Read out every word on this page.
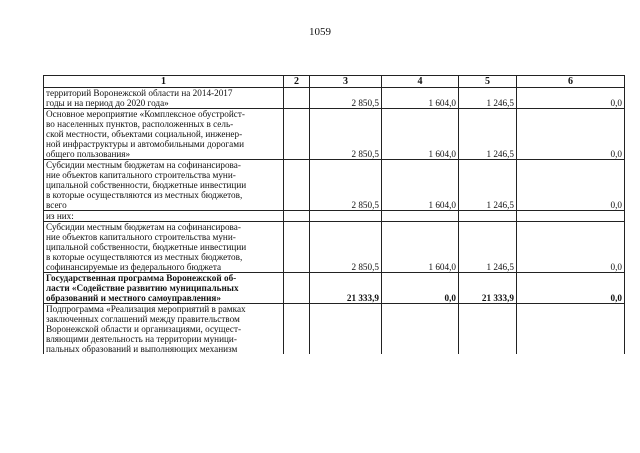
1059
1	2	3	4	5	6
территорий Воронежской области на 2014-2017
годы и на период до 2020 года»		2 850,5	1 604,0	1 246,5	0,0
Основное мероприятие «Комплексное обустройст-
во населенных пунктов, расположенных в сель-
ской местности, объектами социальной, инженер-
ной инфраструктуры и автомобильными дорогами
общего пользования»		2 850,5	1 604,0	1 246,5	0,0
Субсидии местным бюджетам на софинансирова-
ние объектов капитального строительства муни-
ципальной собственности, бюджетные инвестиции
в которые осуществляются из местных бюджетов,
всего		2 850,5	1 604,0	1 246,5	0,0
из них:					
Субсидии местным бюджетам на софинансирова-
ние объектов капитального строительства муни-
ципальной собственности, бюджетные инвестиции
в которые осуществляются из местных бюджетов,
софинансируемые из федерального бюджета		2 850,5	1 604,0	1 246,5	0,0
Государственная программа Воронежской об-
ласти «Содействие развитию муниципальных
образований и местного самоуправления»		21 333,9	0,0	21 333,9	0,0
Подпрограмма «Реализация мероприятий в рамках
заключенных соглашений между правительством
Воронежской области и организациями, осущест-
вляющими деятельность на территории муници-
пальных образований и выполняющих механизм					
